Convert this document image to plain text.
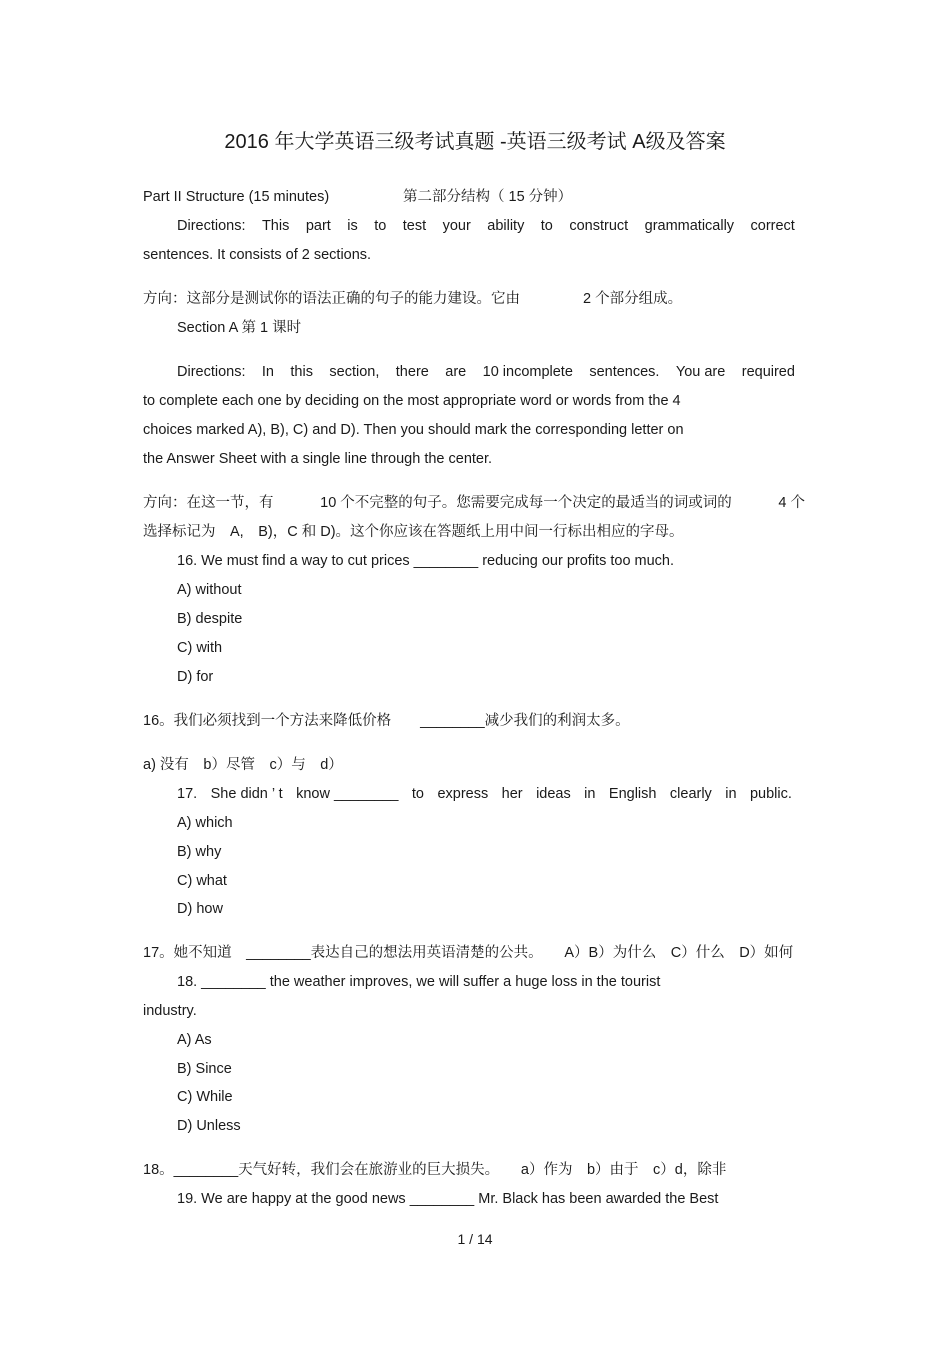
2016 年大学英语三级考试真题 -英语三级考试 A级及答案
Part II Structure (15 minutes)	第二部分结构（ 15 分钟）
Directions: This part is to test your ability to construct grammatically correct
sentences. It consists of 2 sections.
方向：这部分是测试你的语法正确的句子的能力建设。它由	2 个部分组成。
Section A 第 1 课时
Directions: In this section, there are 10 incomplete sentences. You are required
to complete each one by deciding on the most appropriate word or words from the 4
choices marked A), B), C) and D). Then you should mark the corresponding letter on
the Answer Sheet with a single line through the center.
方向：在这一节，有	10 个不完整的句子。您需要完成每一个决定的最适当的词或词的	4 个
选择标记为　A,　B)，C 和 D)。这个你应该在答题纸上用中间一行标出相应的字母。
16. We must find a way to cut prices ________ reducing our profits too much.
A) without
B) despite
C) with
D) for
16。我们必须找到一个方法来降低价格　　________减少我们的利润太多。
a) 没有　b）尽管　c）与　d）
17. She didn ’ t know ________ to express her ideas in English clearly in public.
A) which
B) why
C) what
D) how
17。她不知道　________表达自己的想法用英语清楚的公共。　　A）B）为什么　C）什么　D）如何
18. ________ the weather improves, we will suffer a huge loss in the tourist
industry.
A) As
B) Since
C) While
D) Unless
18。________天气好转，我们会在旅游业的巨大损失。　　a）作为　b）由于　c）d，除非
19. We are happy at the good news ________ Mr. Black has been awarded the Best
1 / 14
